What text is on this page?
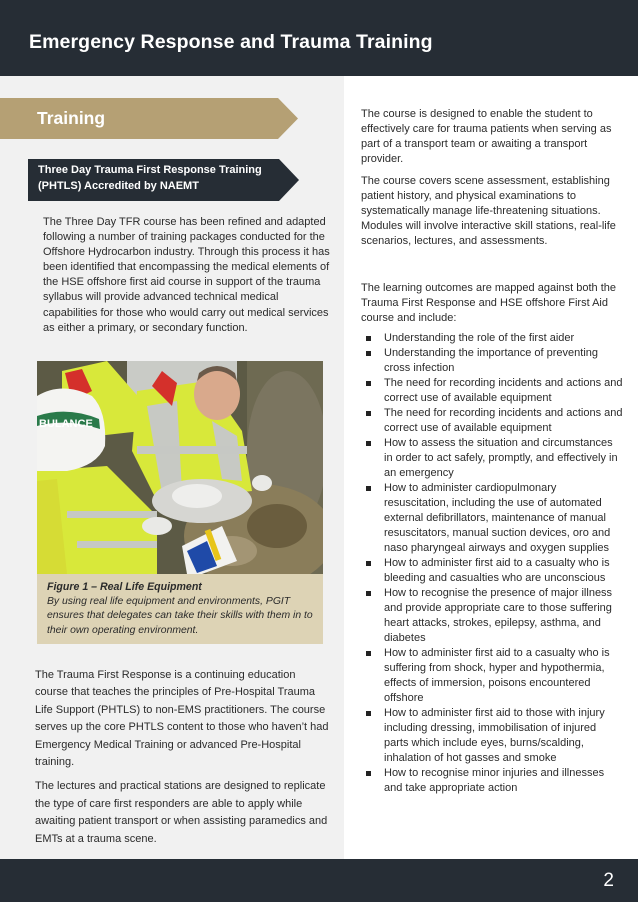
Emergency Response and Trauma Training
Training
Three Day Trauma First Response Training
(PHTLS) Accredited by NAEMT

The Three Day TFR course has been refined and adapted following a number of training packages conducted for the Offshore Hydrocarbon industry. Through this process it has been identified that encompassing the medical elements of the HSE offshore first aid course in support of the trauma syllabus will provide advanced technical medical capabilities for those who would carry out medical services as either a primary, or secondary function.

BULANCE
Figure 1 – Real Life Equipment
By using real life equipment and environments, PGIT ensures that delegates can take their skills with them in to their own operating environment.

The Trauma First Response is a continuing education course that teaches the principles of Pre-Hospital Trauma Life Support (PHTLS) to non-EMS practitioners. The course serves up the core PHTLS content to those who haven’t had Emergency Medical Training or advanced Pre-Hospital training.

The lectures and practical stations are designed to replicate the type of care first responders are able to apply while awaiting patient transport or when assisting paramedics and EMTs at a trauma scene.

The course is designed to enable the student to effectively care for trauma patients when serving as part of a transport team or awaiting a transport provider.

The course covers scene assessment, establishing patient history, and physical examinations to systematically manage life-threatening situations. Modules will involve interactive skill stations, real-life scenarios, lectures, and assessments.

The learning outcomes are mapped against both the Trauma First Response and HSE offshore First Aid course and include:

Understanding the role of the first aider
Understanding the importance of preventing cross infection
The need for recording incidents and actions and correct use of available equipment
The need for recording incidents and actions and correct use of available equipment
How to assess the situation and circumstances in order to act safely, promptly, and effectively in an emergency
How to administer cardiopulmonary resuscitation, including the use of automated external defibrillators, maintenance of manual resuscitators, manual suction devices, oro and naso pharyngeal airways and oxygen supplies
How to administer first aid to a casualty who is bleeding and casualties who are unconscious
How to recognise the presence of major illness and provide appropriate care to those suffering heart attacks, strokes, epilepsy, asthma, and diabetes
How to administer first aid to a casualty who is suffering from shock, hyper and hypothermia, effects of immersion, poisons encountered offshore
How to administer first aid to those with injury including dressing, immobilisation of injured parts which include eyes, burns/scalding, inhalation of hot gasses and smoke
How to recognise minor injuries and illnesses and take appropriate action
2
